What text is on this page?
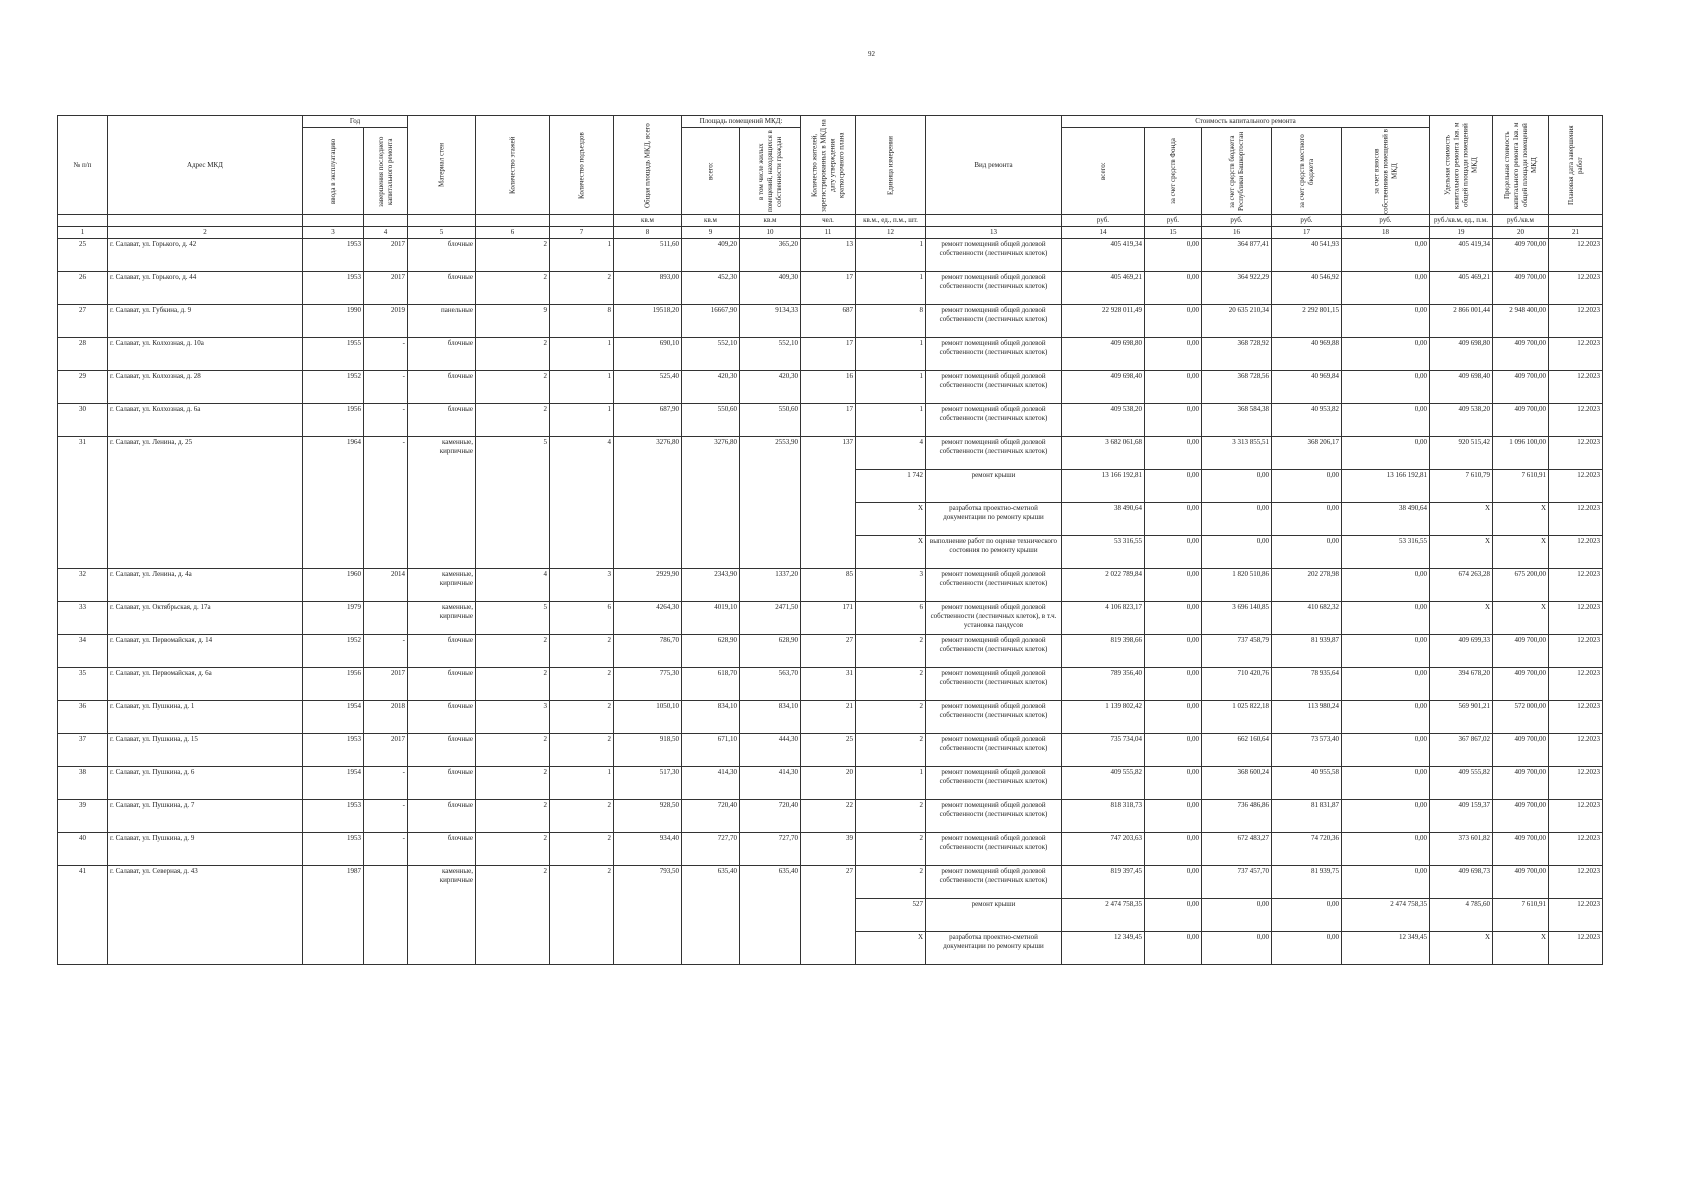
92
№ п/п	Адрес МКД	Год		Материал стен	Количество этажей	Количество подъездов	Общая площадь МКД, всего	Площадь помещений МКД:		Количество жителей, зарегистрированных в МКД на дату утверждения краткосрочного плана	Единица измерения	Вид ремонта	Стоимость капитального ремонта					Удельная стоимость капитального ремонта 1кв. м общей площади помещений МКД	Предельная стоимость капитального ремонта 1кв. м общей площади помещений МКД	Плановая дата завершения работ
		ввода в эксплуатацию	завершения последнего капитального ремонта					всего:	в том числе жилых помещений, находящихся в собственности граждан				всего:	за счет средств Фонда	за счет средств бюджета Республики Башкортостан	за счет средств местного бюджета	за счет взносов собственников помещений в МКД			
							кв.м	кв.м	кв.м	чел.	кв.м., ед., п.м., шт.		руб.	руб.	руб.	руб.	руб.	руб./кв.м, ед., п.м.	руб./кв.м	
1	2	3	4	5	6	7	8	9	10	11	12	13	14	15	16	17	18	19	20	21
25	г. Салават, ул. Горького, д. 42	1953	2017	блочные	2	1	511,60	409,20	365,20	13	1	ремонт помещений общей долевой собственности (лестничных клеток)	405 419,34	0,00	364 877,41	40 541,93	0,00	405 419,34	409 700,00	12.2023
26	г. Салават, ул. Горького, д. 44	1953	2017	блочные	2	2	893,00	452,30	409,30	17	1	ремонт помещений общей долевой собственности (лестничных клеток)	405 469,21	0,00	364 922,29	40 546,92	0,00	405 469,21	409 700,00	12.2023
27	г. Салават, ул. Губкина, д. 9	1990	2019	панельные	9	8	19518,20	16667,90	9134,33	687	8	ремонт помещений общей долевой собственности (лестничных клеток)	22 928 011,49	0,00	20 635 210,34	2 292 801,15	0,00	2 866 001,44	2 948 400,00	12.2023
28	г. Салават, ул. Колхозная, д. 10а	1955	-	блочные	2	1	690,10	552,10	552,10	17	1	ремонт помещений общей долевой собственности (лестничных клеток)	409 698,80	0,00	368 728,92	40 969,88	0,00	409 698,80	409 700,00	12.2023
29	г. Салават, ул. Колхозная, д. 28	1952	-	блочные	2	1	525,40	420,30	420,30	16	1	ремонт помещений общей долевой собственности (лестничных клеток)	409 698,40	0,00	368 728,56	40 969,84	0,00	409 698,40	409 700,00	12.2023
30	г. Салават, ул. Колхозная, д. 6а	1956	-	блочные	2	1	687,90	550,60	550,60	17	1	ремонт помещений общей долевой собственности (лестничных клеток)	409 538,20	0,00	368 584,38	40 953,82	0,00	409 538,20	409 700,00	12.2023
31	г. Салават, ул. Ленина, д. 25	1964	-	каменные, кирпичные	5	4	3276,80	3276,80	2553,90	137	4	ремонт помещений общей долевой собственности (лестничных клеток)	3 682 061,68	0,00	3 313 855,51	368 206,17	0,00	920 515,42	1 096 100,00	12.2023
											1 742	ремонт крыши	13 166 192,81	0,00	0,00	0,00	13 166 192,81	7 610,79	7 610,91	12.2023
											X	разработка проектно-сметной документации по ремонту крыши	38 490,64	0,00	0,00	0,00	38 490,64	X	X	12.2023
											X	выполнение работ по оценке технического состояния по ремонту крыши	53 316,55	0,00	0,00	0,00	53 316,55	X	X	12.2023
32	г. Салават, ул. Ленина, д. 4а	1960	2014	каменные, кирпичные	4	3	2929,90	2343,90	1337,20	85	3	ремонт помещений общей долевой собственности (лестничных клеток)	2 022 789,84	0,00	1 820 510,86	202 278,98	0,00	674 263,28	675 200,00	12.2023
33	г. Салават, ул. Октябрьская, д. 17а	1979		каменные, кирпичные	5	6	4264,30	4019,10	2471,50	171	6	ремонт помещений общей долевой собственности (лестничных клеток), в т.ч. установка пандусов	4 106 823,17	0,00	3 696 140,85	410 682,32	0,00	X	X	12.2023
34	г. Салават, ул. Первомайская, д. 14	1952	-	блочные	2	2	786,70	628,90	628,90	27	2	ремонт помещений общей долевой собственности (лестничных клеток)	819 398,66	0,00	737 458,79	81 939,87	0,00	409 699,33	409 700,00	12.2023
35	г. Салават, ул. Первомайская, д. 6а	1956	2017	блочные	2	2	775,30	618,70	563,70	31	2	ремонт помещений общей долевой собственности (лестничных клеток)	789 356,40	0,00	710 420,76	78 935,64	0,00	394 678,20	409 700,00	12.2023
36	г. Салават, ул. Пушкина, д. 1	1954	2018	блочные	3	2	1050,10	834,10	834,10	21	2	ремонт помещений общей долевой собственности (лестничных клеток)	1 139 802,42	0,00	1 025 822,18	113 980,24	0,00	569 901,21	572 000,00	12.2023
37	г. Салават, ул. Пушкина, д. 15	1953	2017	блочные	2	2	918,50	671,10	444,30	25	2	ремонт помещений общей долевой собственности (лестничных клеток)	735 734,04	0,00	662 160,64	73 573,40	0,00	367 867,02	409 700,00	12.2023
38	г. Салават, ул. Пушкина, д. 6	1954	-	блочные	2	1	517,30	414,30	414,30	20	1	ремонт помещений общей долевой собственности (лестничных клеток)	409 555,82	0,00	368 600,24	40 955,58	0,00	409 555,82	409 700,00	12.2023
39	г. Салават, ул. Пушкина, д. 7	1953	-	блочные	2	2	928,50	720,40	720,40	22	2	ремонт помещений общей долевой собственности (лестничных клеток)	818 318,73	0,00	736 486,86	81 831,87	0,00	409 159,37	409 700,00	12.2023
40	г. Салават, ул. Пушкина, д. 9	1953	-	блочные	2	2	934,40	727,70	727,70	39	2	ремонт помещений общей долевой собственности (лестничных клеток)	747 203,63	0,00	672 483,27	74 720,36	0,00	373 601,82	409 700,00	12.2023
41	г. Салават, ул. Северная, д. 43	1987		каменные, кирпичные	2	2	793,50	635,40	635,40	27	2	ремонт помещений общей долевой собственности (лестничных клеток)	819 397,45	0,00	737 457,70	81 939,75	0,00	409 698,73	409 700,00	12.2023
											527	ремонт крыши	2 474 758,35	0,00	0,00	0,00	2 474 758,35	4 785,60	7 610,91	12.2023
											X	разработка проектно-сметной документации по ремонту крыши	12 349,45	0,00	0,00	0,00	12 349,45	X	X	12.2023
